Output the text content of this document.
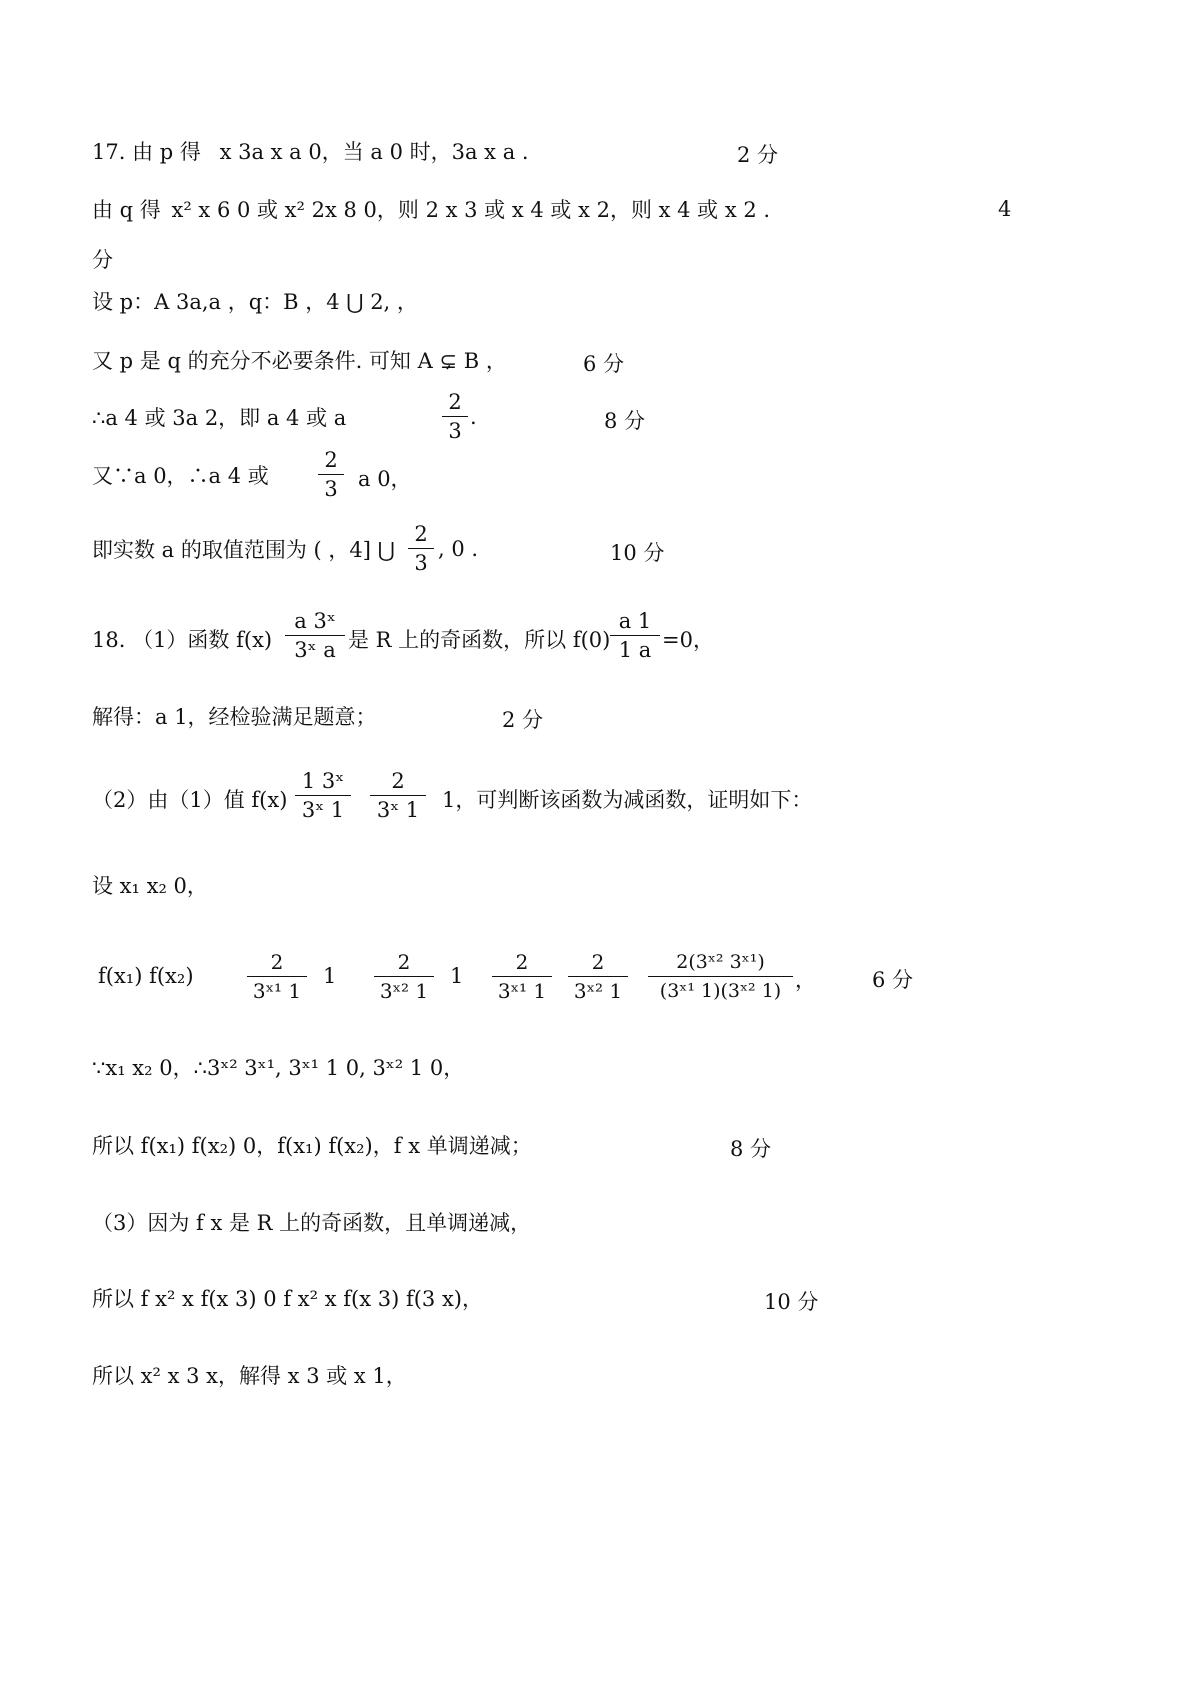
17. 由 p 得 x 3a x a 0，当 a 0 时，3a x a .	2 分
由 q 得 x² x 6 0 或 x² 2x 8 0，则 2 x 3 或 x 4 或 x 2，则 x 4 或 x 2 .	4
分
设 p：A 3a,a ，q：B ，4 ⋃ 2, ，
又 p 是 q 的充分不必要条件. 可知 A ⊊ B ，	6 分
∴a 4 或 3a 2，即 a 4 或 a
2
3
.	8 分
又∵a 0，∴a 4 或
2
3 a 0，
即实数 a 的取值范围为 ( ，4] ⋃
2
3
, 0 .	10 分
18. （1）函数 f(x)
a 3ˣ
3ˣ a 是 R 上的奇函数，所以 f(0)
a 1
1 a =0，
解得：a 1，经检验满足题意；	2 分
（2）由（1）值 f(x)
1 3ˣ
3ˣ 1
2
3ˣ 1	1，可判断该函数为减函数，证明如下：
设 x₁ x₂ 0，
f(x₁) f(x₂)
2
3ˣ¹ 1
1
2
3ˣ² 1
1
2
3ˣ¹ 1
2
3ˣ² 1
2(3ˣ² 3ˣ¹)
(3ˣ¹ 1)(3ˣ² 1) ，	6 分
∵x₁ x₂ 0，∴3ˣ² 3ˣ¹, 3ˣ¹ 1 0, 3ˣ² 1 0，
所以 f(x₁) f(x₂) 0，f(x₁) f(x₂)，f x 单调递减；	8 分
（3）因为 f x 是 R 上的奇函数，且单调递减，
所以 f x² x f(x 3) 0 f x² x f(x 3) f(3 x)，	10 分
所以 x² x 3 x，解得 x 3 或 x 1，
